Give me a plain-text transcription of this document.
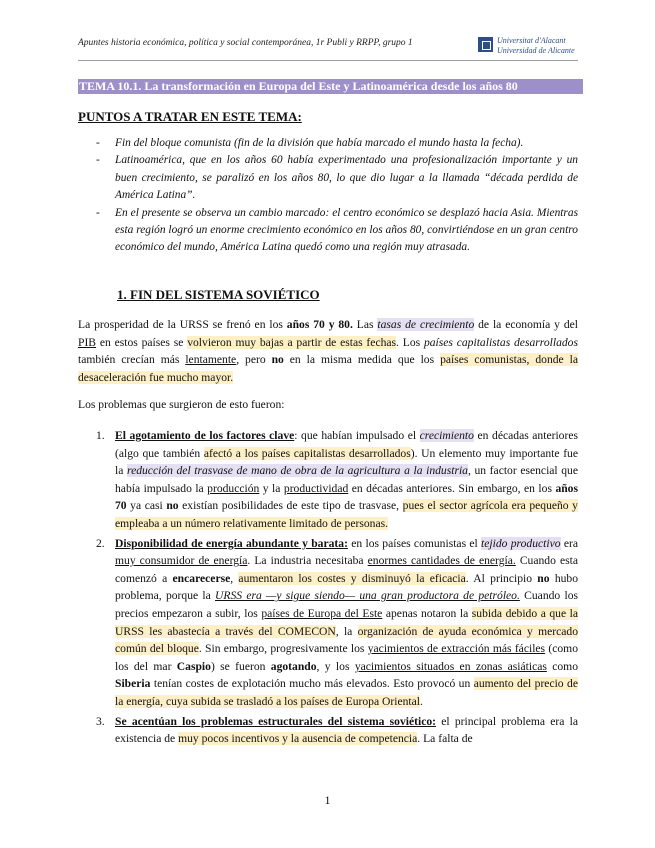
Apuntes historia económica, política y social contemporánea, 1r Publi y RRPP, grupo 1	Universitat d'Alacant
Universidad de Alicante
TEMA 10.1. La transformación en Europa del Este y Latinoamérica desde los años 80
PUNTOS A TRATAR EN ESTE TEMA:
- Fin del bloque comunista (fin de la división que había marcado el mundo hasta la fecha).
- Latinoamérica, que en los años 60 había experimentado una profesionalización importante y un buen crecimiento, se paralizó en los años 80, lo que dio lugar a la llamada “década perdida de América Latina”.
- En el presente se observa un cambio marcado: el centro económico se desplazó hacia Asia. Mientras esta región logró un enorme crecimiento económico en los años 80, convirtiéndose en un gran centro económico del mundo, América Latina quedó como una región muy atrasada.
1. FIN DEL SISTEMA SOVIÉTICO

La prosperidad de la URSS se frenó en los años 70 y 80. Las tasas de crecimiento de la economía y del PIB en estos países se volvieron muy bajas a partir de estas fechas. Los países capitalistas desarrollados también crecían más lentamente, pero no en la misma medida que los países comunistas, donde la desaceleración fue mucho mayor.

Los problemas que surgieron de esto fueron:

1. El agotamiento de los factores clave: que habían impulsado el crecimiento en décadas anteriores (algo que también afectó a los países capitalistas desarrollados). Un elemento muy importante fue la reducción del trasvase de mano de obra de la agricultura a la industria, un factor esencial que había impulsado la producción y la productividad en décadas anteriores. Sin embargo, en los años 70 ya casi no existían posibilidades de este tipo de trasvase, pues el sector agrícola era pequeño y empleaba a un número relativamente limitado de personas.
2. Disponibilidad de energía abundante y barata: en los países comunistas el tejido productivo era muy consumidor de energía. La industria necesitaba enormes cantidades de energía. Cuando esta comenzó a encarecerse, aumentaron los costes y disminuyó la eficacia. Al principio no hubo problema, porque la URSS era —y sigue siendo— una gran productora de petróleo. Cuando los precios empezaron a subir, los países de Europa del Este apenas notaron la subida debido a que la URSS les abastecía a través del COMECON, la organización de ayuda económica y mercado común del bloque. Sin embargo, progresivamente los yacimientos de extracción más fáciles (como los del mar Caspio) se fueron agotando, y los yacimientos situados en zonas asiáticas como Siberia tenían costes de explotación mucho más elevados. Esto provocó un aumento del precio de la energía, cuya subida se trasladó a los países de Europa Oriental.
3. Se acentúan los problemas estructurales del sistema soviético: el principal problema era la existencia de muy pocos incentivos y la ausencia de competencia. La falta de
1
